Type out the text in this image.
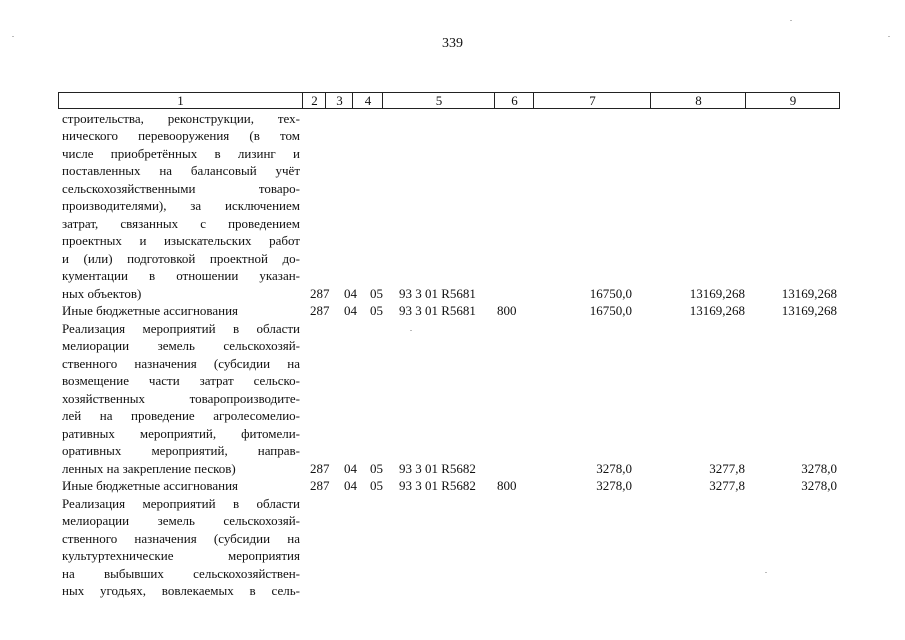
339
1	2	3	4	5	6	7	8	9
строительства, реконструкции, тех-
нического перевооружения (в том
числе приобретённых в лизинг и
поставленных на балансовый учёт
сельскохозяйственными товаро-
производителями), за исключением
затрат, связанных с проведением
проектных и изыскательских работ
и (или) подготовкой проектной до-
кументации в отношении указан-
ных объектов)	287 04 05 93 3 01 R5681	16750,0	13169,268	13169,268
Иные бюджетные ассигнования	287 04 05 93 3 01 R5681 800	16750,0	13169,268	13169,268
Реализация мероприятий в области
мелиорации земель сельскохозяй-
ственного назначения (субсидии на
возмещение части затрат сельско-
хозяйственных товаропроизводите-
лей на проведение агролесомелио-
ративных мероприятий, фитомели-
оративных мероприятий, направ-
ленных на закрепление песков)	287 04 05 93 3 01 R5682	3278,0	3277,8	3278,0
Иные бюджетные ассигнования	287 04 05 93 3 01 R5682 800	3278,0	3277,8	3278,0
Реализация мероприятий в области
мелиорации земель сельскохозяй-
ственного назначения (субсидии на
культуртехнические мероприятия
на выбывших сельскохозяйствен-
ных угодьях, вовлекаемых в сель-
